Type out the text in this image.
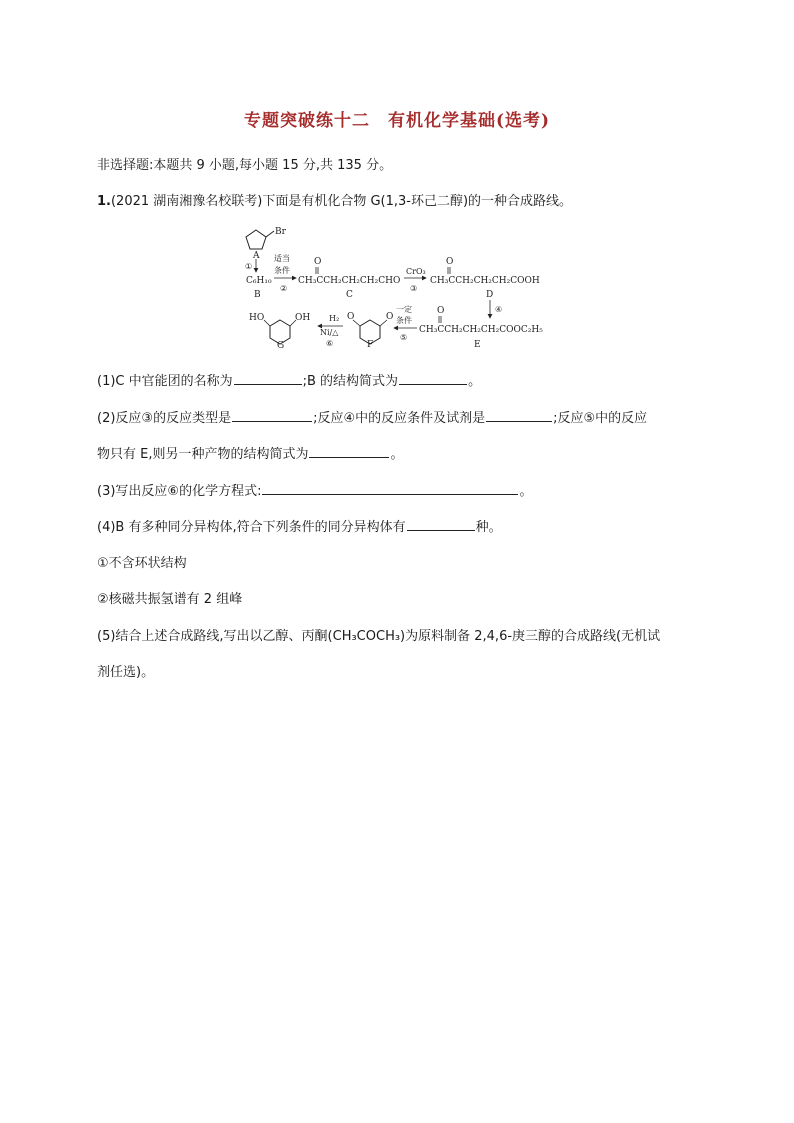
专题突破练十二　有机化学基础(选考)
非选择题:本题共 9 小题,每小题 15 分,共 135 分。
1.(2021 湖南湘豫名校联考)下面是有机化合物 G(1,3-环己二醇)的一种合成路线。
Br
A
①
C₆H₁₀
B
适当
条件
②
O
CH₃CCH₂CH₂CH₂CHO
C
CrO₃
③
O
CH₃CCH₂CH₂CH₂COOH
D
④
O
CH₃CCH₂CH₂CH₂COOC₂H₅
E
一定
条件
⑤
O	O
F
H₂
Ni/△
⑥
HO	OH
G
(1)C 中官能团的名称为	;B 的结构简式为	。
(2)反应③的反应类型是	;反应④中的反应条件及试剂是	;反应⑤中的反应
物只有 E,则另一种产物的结构简式为	。
(3)写出反应⑥的化学方程式:	。
(4)B 有多种同分异构体,符合下列条件的同分异构体有	种。
①不含环状结构
②核磁共振氢谱有 2 组峰
(5)结合上述合成路线,写出以乙醇、丙酮(CH₃COCH₃)为原料制备 2,4,6-庚三醇的合成路线(无机试
剂任选)。
